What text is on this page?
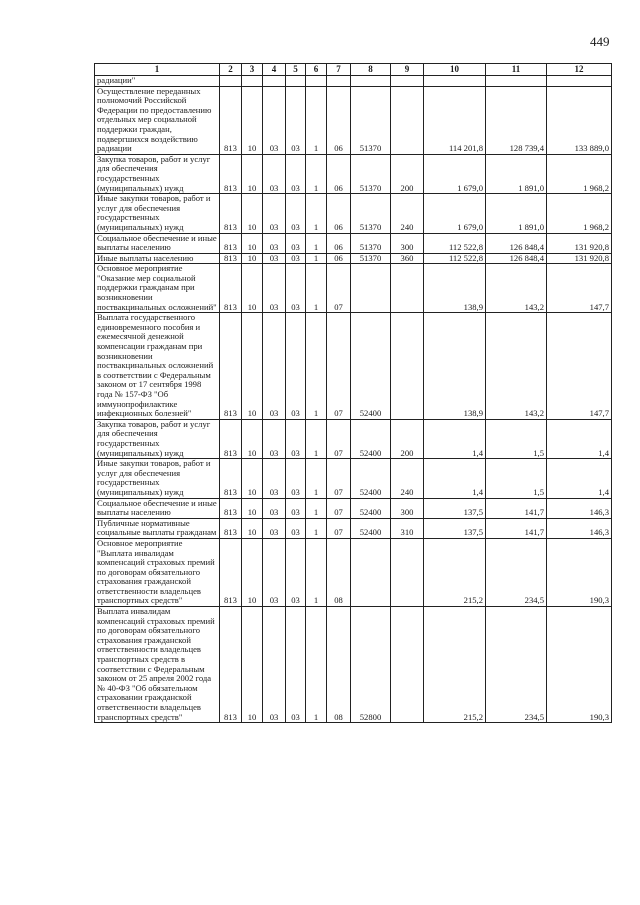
449
1	2	3	4	5	6	7	8	9	10	11	12
радиации"											
Осуществление переданных полномочий Российской Федерации по предоставлению отдельных мер социальной поддержки граждан, подвергшихся воздействию радиации	813	10	03	03	1	06	51370		114 201,8	128 739,4	133 889,0
Закупка товаров, работ и услуг для обеспечения государственных (муниципальных) нужд	813	10	03	03	1	06	51370	200	1 679,0	1 891,0	1 968,2
Иные закупки товаров, работ и услуг для обеспечения государственных (муниципальных) нужд	813	10	03	03	1	06	51370	240	1 679,0	1 891,0	1 968,2
Социальное обеспечение и иные выплаты населению	813	10	03	03	1	06	51370	300	112 522,8	126 848,4	131 920,8
Иные выплаты населению	813	10	03	03	1	06	51370	360	112 522,8	126 848,4	131 920,8
Основное мероприятие "Оказание мер социальной поддержки гражданам при возникновении поствакцинальных осложнений"	813	10	03	03	1	07			138,9	143,2	147,7
Выплата государственного единовременного пособия и ежемесячной денежной компенсации гражданам при возникновении поствакцинальных осложнений в соответствии с Федеральным законом от 17 сентября 1998 года № 157-ФЗ "Об иммунопрофилактике инфекционных болезней"	813	10	03	03	1	07	52400		138,9	143,2	147,7
Закупка товаров, работ и услуг для обеспечения государственных (муниципальных) нужд	813	10	03	03	1	07	52400	200	1,4	1,5	1,4
Иные закупки товаров, работ и услуг для обеспечения государственных (муниципальных) нужд	813	10	03	03	1	07	52400	240	1,4	1,5	1,4
Социальное обеспечение и иные выплаты населению	813	10	03	03	1	07	52400	300	137,5	141,7	146,3
Публичные нормативные социальные выплаты гражданам	813	10	03	03	1	07	52400	310	137,5	141,7	146,3
Основное мероприятие "Выплата инвалидам компенсаций страховых премий по договорам обязательного страхования гражданской ответственности владельцев транспортных средств"	813	10	03	03	1	08			215,2	234,5	190,3
Выплата инвалидам компенсаций страховых премий по договорам обязательного страхования гражданской ответственности владельцев транспортных средств в соответствии с Федеральным законом от 25 апреля 2002 года № 40-ФЗ "Об обязательном страховании гражданской ответственности владельцев транспортных средств"	813	10	03	03	1	08	52800		215,2	234,5	190,3
